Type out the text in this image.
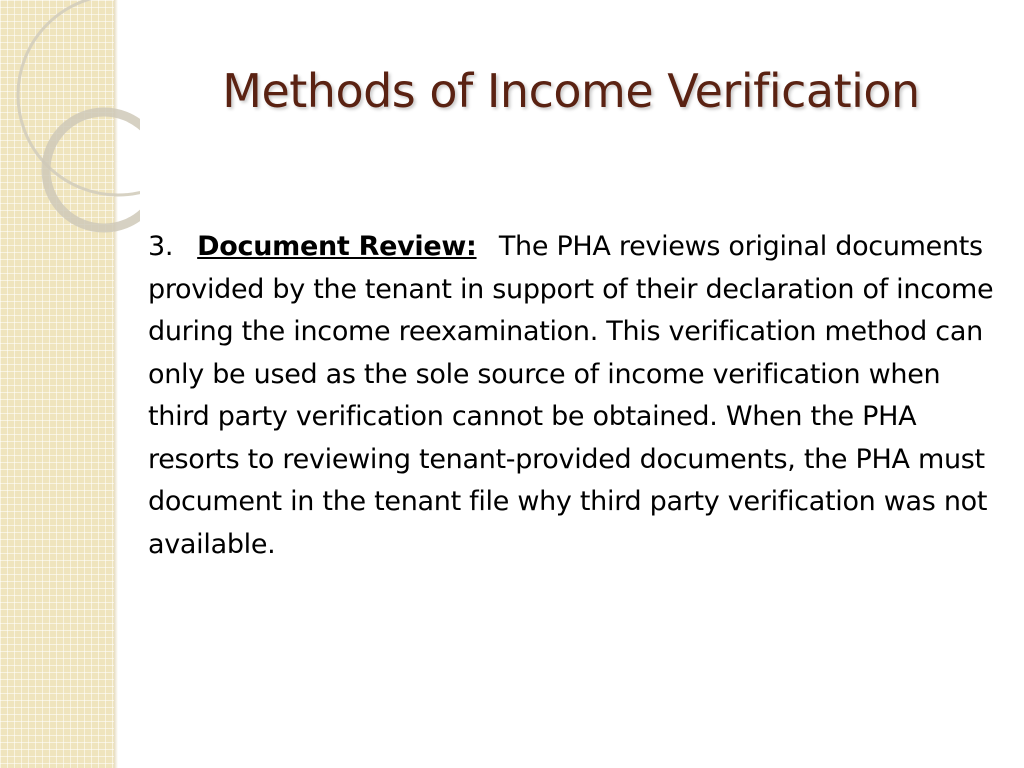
Methods of Income Verification
3. Document Review: The PHA reviews original documents provided by the tenant in support of their declaration of income during the income reexamination. This verification method can only be used as the sole source of income verification when third party verification cannot be obtained. When the PHA resorts to reviewing tenant-provided documents, the PHA must document in the tenant file why third party verification was not available.
